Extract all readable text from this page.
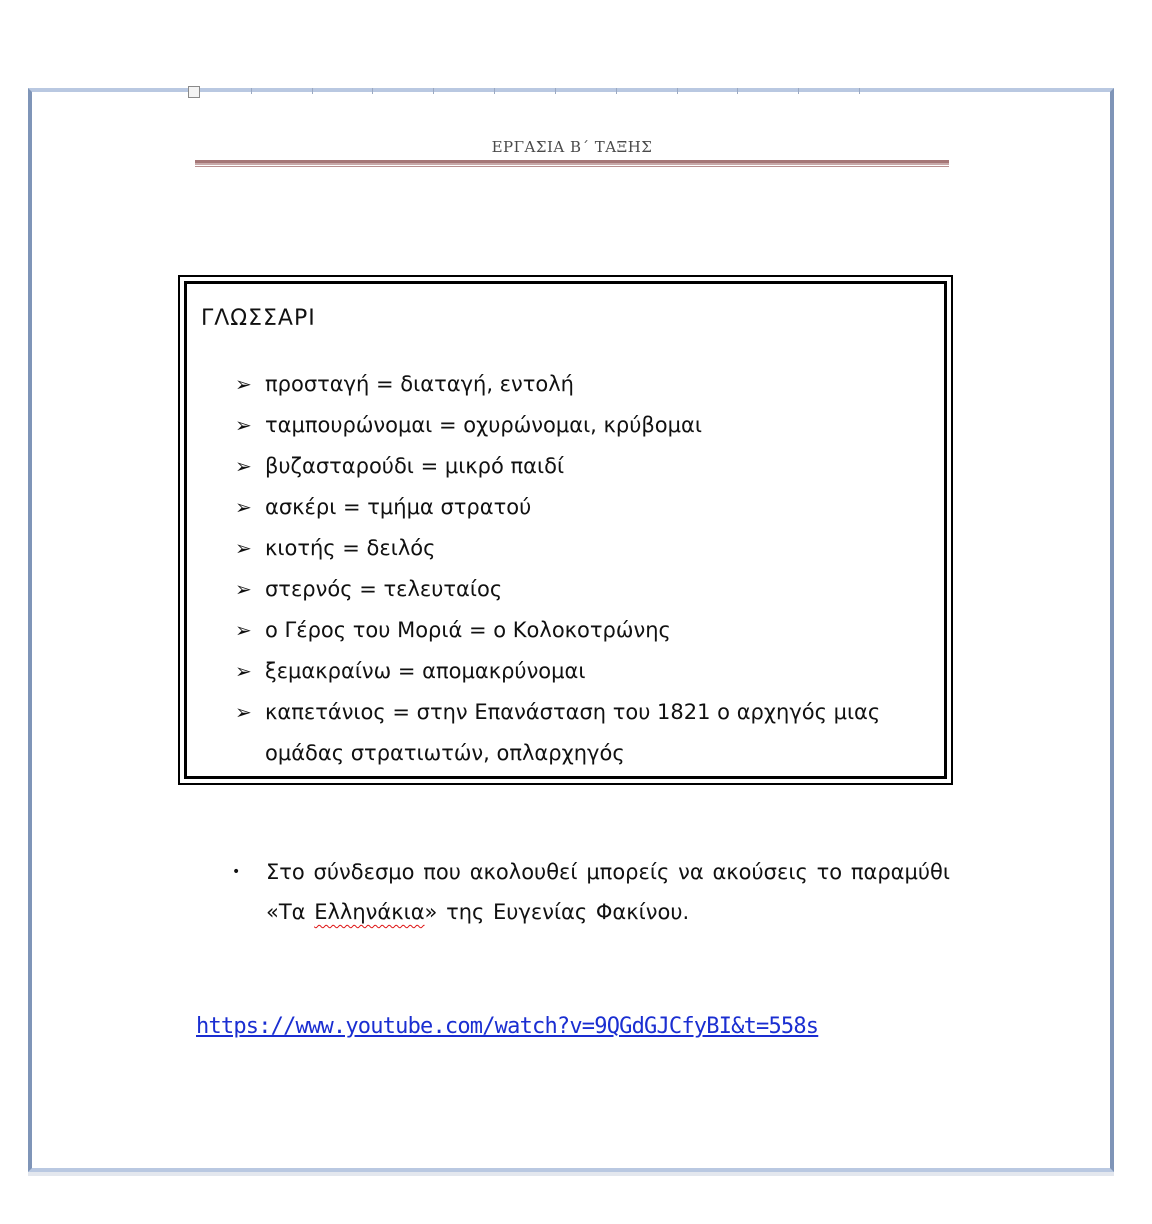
ΕΡΓΑΣΙΑ Β΄ ΤΑΞΗΣ
ΓΛΩΣΣΑΡΙ
➢ προσταγή = διαταγή, εντολή
➢ ταμπουρώνομαι = οχυρώνομαι, κρύβομαι
➢ βυζασταρούδι = μικρό παιδί
➢ ασκέρι = τμήμα στρατού
➢ κιοτής = δειλός
➢ στερνός = τελευταίος
➢ ο Γέρος του Μοριά = ο Κολοκοτρώνης
➢ ξεμακραίνω = απομακρύνομαι
➢ καπετάνιος = στην Επανάσταση του 1821 ο αρχηγός μιας ομάδας στρατιωτών, οπλαρχηγός
•	Στο σύνδεσμο που ακολουθεί μπορείς να ακούσεις το παραμύθι «Τα Ελληνάκια» της Ευγενίας Φακίνου.
https://www.youtube.com/watch?v=9QGdGJCfyBI&t=558s
